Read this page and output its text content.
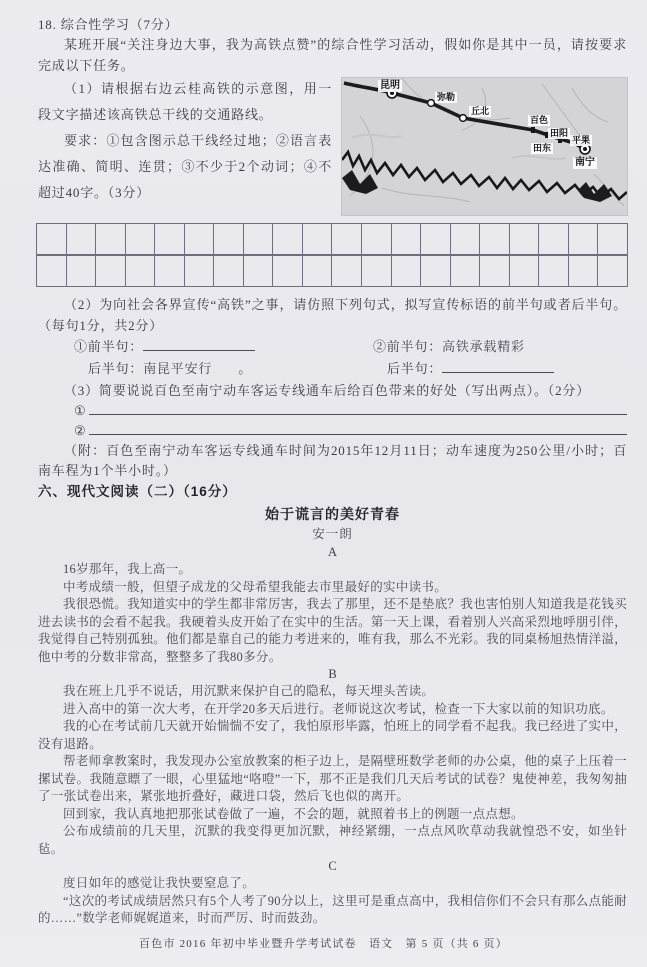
18. 综合性学习（7分）

某班开展“关注身边大事，我为高铁点赞”的综合性学习活动，假如你是其中一员，请按要求完成以下任务。

昆明
弥勒
丘北
百色
田阳
田东
平果
南宁

（1）请根据右边云桂高铁的示意图，用一段文字描述该高铁总干线的交通路线。

要求：①包含图示总干线经过地；②语言表达准确、简明、连贯；③不少于2个动词；④不超过40字。（3分）

（2）为向社会各界宣传“高铁”之事，请仿照下列句式，拟写宣传标语的前半句或者后半句。（每句1分，共2分）

①前半句：	②前半句：高铁承载精彩
后半句：南昆平安行 。	后半句：

（3）简要说说百色至南宁动车客运专线通车后给百色带来的好处（写出两点）。（2分）

①
②

（附：百色至南宁动车客运专线通车时间为2015年12月11日；动车速度为250公里/小时；百南车程为1个半小时。）

六、现代文阅读（二）（16分）

始于谎言的美好青春

安一朗

A

16岁那年，我上高一。

中考成绩一般，但望子成龙的父母希望我能去市里最好的实中读书。

我很恐慌。我知道实中的学生都非常厉害，我去了那里，还不是垫底？我也害怕别人知道我是花钱买进去读书的会看不起我。我硬着头皮开始了在实中的生活。第一天上课，看着别人兴高采烈地呼朋引伴，我觉得自己特别孤独。他们都是靠自己的能力考进来的，唯有我，那么不光彩。我的同桌杨旭热情洋溢，他中考的分数非常高，整整多了我80多分。

B

我在班上几乎不说话，用沉默来保护自己的隐私，每天埋头苦读。

进入高中的第一次大考，在开学20多天后进行。老师说这次考试，检查一下大家以前的知识功底。

我的心在考试前几天就开始惴惴不安了，我怕原形毕露，怕班上的同学看不起我。我已经进了实中，没有退路。

帮老师拿教案时，我发现办公室放教案的柜子边上，是隔壁班数学老师的办公桌，他的桌子上压着一摞试卷。我随意瞟了一眼，心里猛地“咯噔”一下，那不正是我们几天后考试的试卷？鬼使神差，我匆匆抽了一张试卷出来，紧张地折叠好，藏进口袋，然后飞也似的离开。

回到家，我认真地把那张试卷做了一遍，不会的题，就照着书上的例题一点点想。

公布成绩前的几天里，沉默的我变得更加沉默，神经紧绷，一点点风吹草动我就惶恐不安，如坐针毡。

C

度日如年的感觉让我快要窒息了。

“这次的考试成绩居然只有5个人考了90分以上，这里可是重点高中，我相信你们不会只有那么点能耐的……”数学老师娓娓道来，时而严厉、时而鼓劲。

百色市 2016 年初中毕业暨升学考试试卷　语文　第 5 页（共 6 页）
